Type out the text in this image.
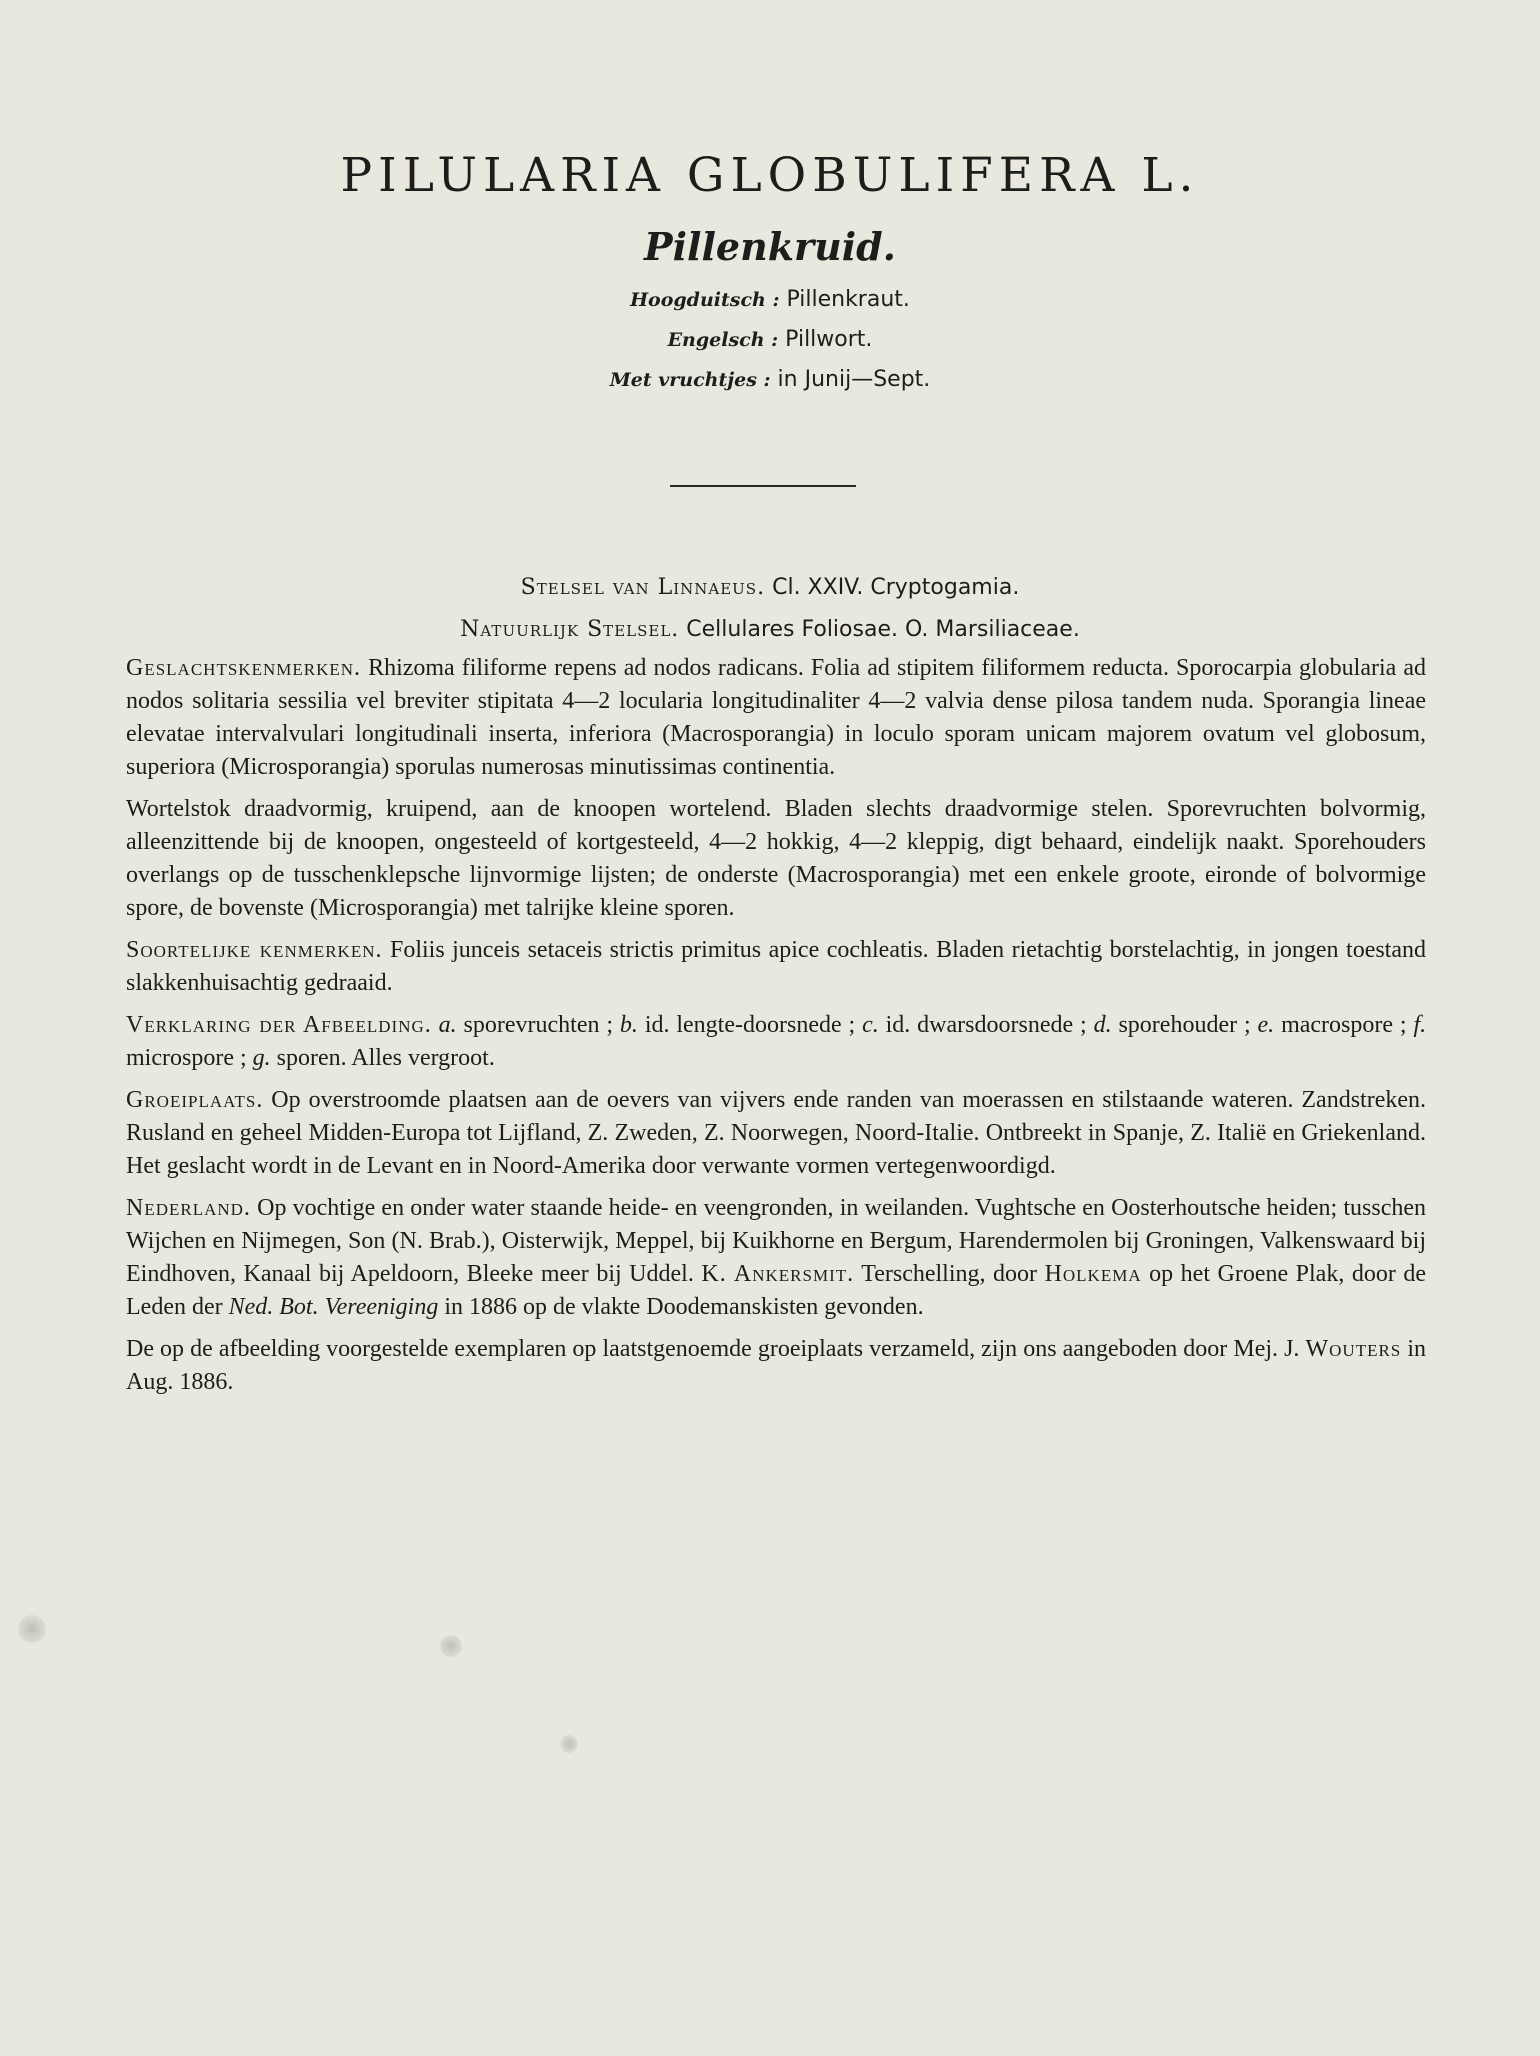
PILULARIA GLOBULIFERA L.
Pillenkruid.
Hoogduitsch : Pillenkraut.
Engelsch : Pillwort.
Met vruchtjes : in Junij—Sept.
Stelsel van Linnaeus. Cl. XXIV. Cryptogamia.
Natuurlijk Stelsel. Cellulares Foliosae. O. Marsiliaceae.

Geslachtskenmerken. Rhizoma filiforme repens ad nodos radicans. Folia ad stipitem filiformem reducta. Sporocarpia globularia ad nodos solitaria sessilia vel breviter stipitata 4—2 locularia longitudinaliter 4—2 valvia dense pilosa tandem nuda. Sporangia lineae elevatae intervalvulari longitudinali inserta, inferiora (Macrosporangia) in loculo sporam unicam majorem ovatum vel globosum, superiora (Microsporangia) sporulas numerosas minutissimas continentia.

Wortelstok draadvormig, kruipend, aan de knoopen wortelend. Bladen slechts draadvormige stelen. Sporevruchten bolvormig, alleenzittende bij de knoopen, ongesteeld of kortgesteeld, 4—2 hokkig, 4—2 kleppig, digt behaard, eindelijk naakt. Sporehouders overlangs op de tusschenklepsche lijnvormige lijsten; de onderste (Macrosporangia) met een enkele groote, eironde of bolvormige spore, de bovenste (Microsporangia) met talrijke kleine sporen.

Soortelijke kenmerken. Foliis junceis setaceis strictis primitus apice cochleatis. Bladen rietachtig borstelachtig, in jongen toestand slakkenhuisachtig gedraaid.

Verklaring der Afbeelding. a. sporevruchten ; b. id. lengte-doorsnede ; c. id. dwarsdoorsnede ; d. sporehouder ; e. macrospore ; f. microspore ; g. sporen. Alles vergroot.

Groeiplaats. Op overstroomde plaatsen aan de oevers van vijvers ende randen van moerassen en stilstaande wateren. Zandstreken. Rusland en geheel Midden-Europa tot Lijfland, Z. Zweden, Z. Noorwegen, Noord-Italie. Ontbreekt in Spanje, Z. Italië en Griekenland. Het geslacht wordt in de Levant en in Noord-Amerika door verwante vormen vertegenwoordigd.

Nederland. Op vochtige en onder water staande heide- en veengronden, in weilanden. Vughtsche en Oosterhoutsche heiden; tusschen Wijchen en Nijmegen, Son (N. Brab.), Oisterwijk, Meppel, bij Kuikhorne en Bergum, Harendermolen bij Groningen, Valkenswaard bij Eindhoven, Kanaal bij Apeldoorn, Bleeke meer bij Uddel. K. Ankersmit. Terschelling, door Holkema op het Groene Plak, door de Leden der Ned. Bot. Vereeniging in 1886 op de vlakte Doodemanskisten gevonden.

De op de afbeelding voorgestelde exemplaren op laatstgenoemde groeiplaats verzameld, zijn ons aangeboden door Mej. J. Wouters in Aug. 1886.
